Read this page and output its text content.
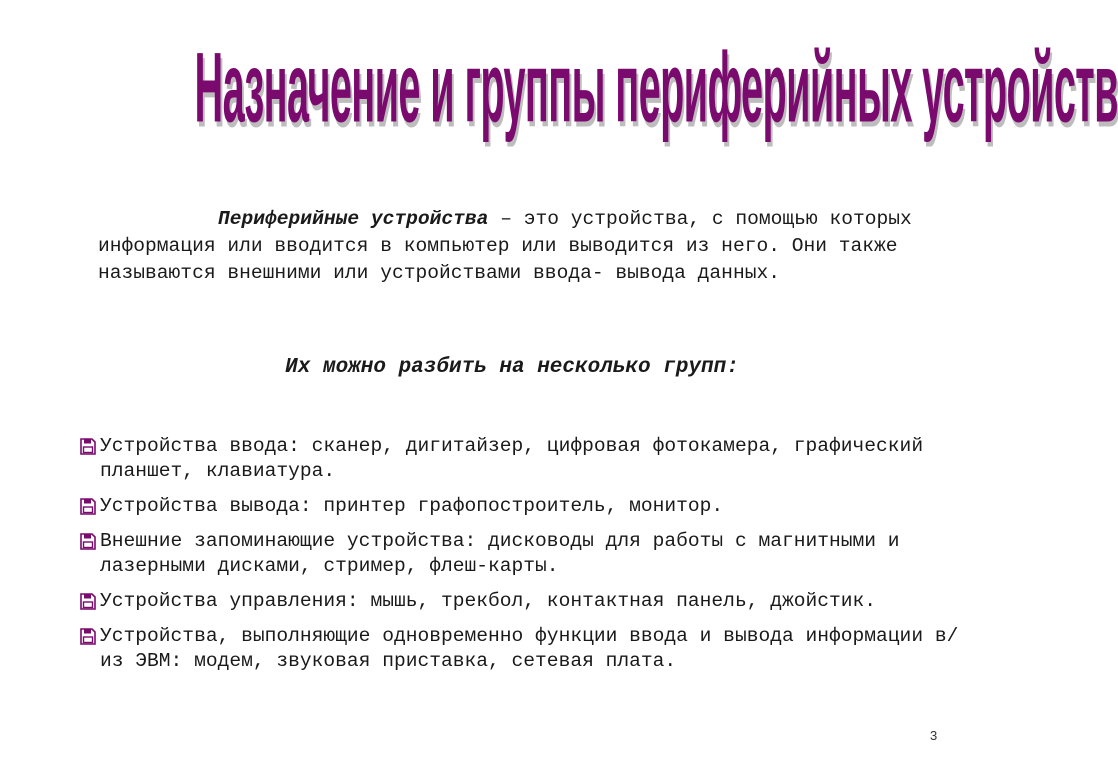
Назначение и группы периферийных устройств

Периферийные устройства – это устройства, с помощью которых информация или вводится в компьютер или выводится из него. Они также называются внешними или устройствами ввода- вывода данных.

Их можно разбить на несколько групп:

Устройства ввода: сканер, дигитайзер, цифровая фотокамера, графический планшет, клавиатура.
Устройства вывода: принтер графопостроитель, монитор.
Внешние запоминающие устройства: дисководы для работы с магнитными и лазерными дисками, стример, флеш-карты.
Устройства управления: мышь, трекбол, контактная панель, джойстик.
Устройства, выполняющие одновременно функции ввода и вывода информации в/из ЭВМ: модем, звуковая приставка, сетевая плата.
3
